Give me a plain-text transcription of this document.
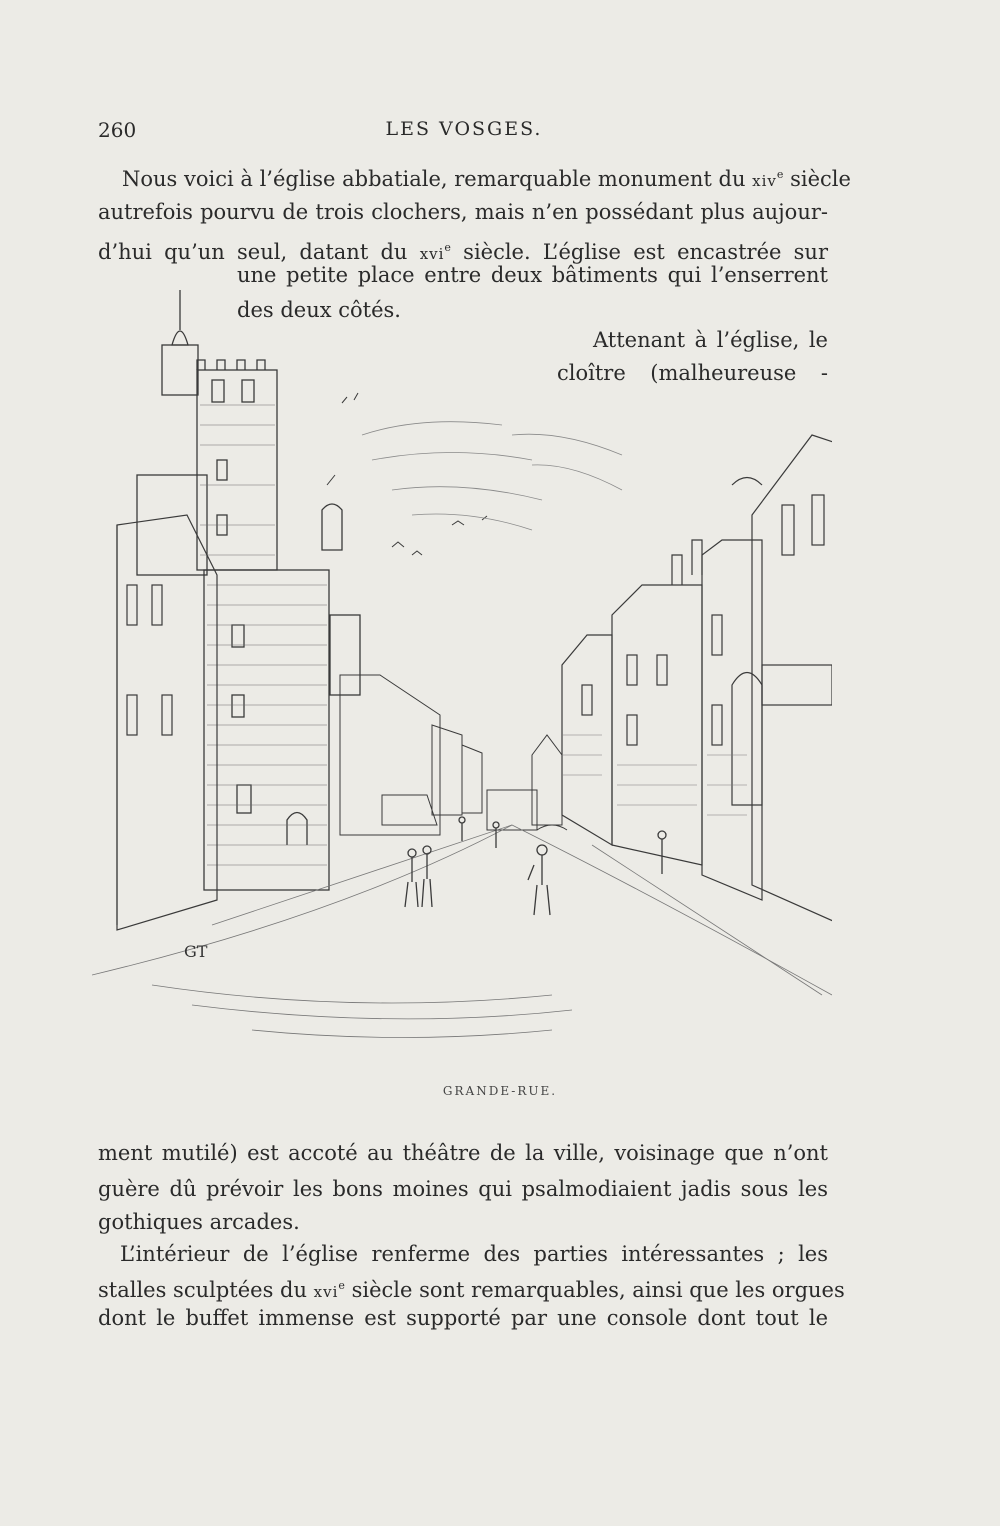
260	LES VOSGES.
Nous voici à l’église abbatiale, remarquable monument du xiv$^e$ siècle
autrefois pourvu de trois clochers, mais n’en possédant plus aujour-
d’hui qu’un seul, datant du xvi$^e$ siècle. L’église est encastrée sur
une petite place entre deux bâtiments qui l’enserrent
des deux côtés.
Attenant à l’église, le
cloître (malheureuse -
GT
GRANDE-RUE.
ment mutilé) est accoté au théâtre de la ville, voisinage que n’ont
guère dû prévoir les bons moines qui psalmodiaient jadis sous les
gothiques arcades.
L’intérieur de l’église renferme des parties intéressantes ; les
stalles sculptées du xvi$^e$ siècle sont remarquables, ainsi que les orgues
dont le buffet immense est supporté par une console dont tout le
